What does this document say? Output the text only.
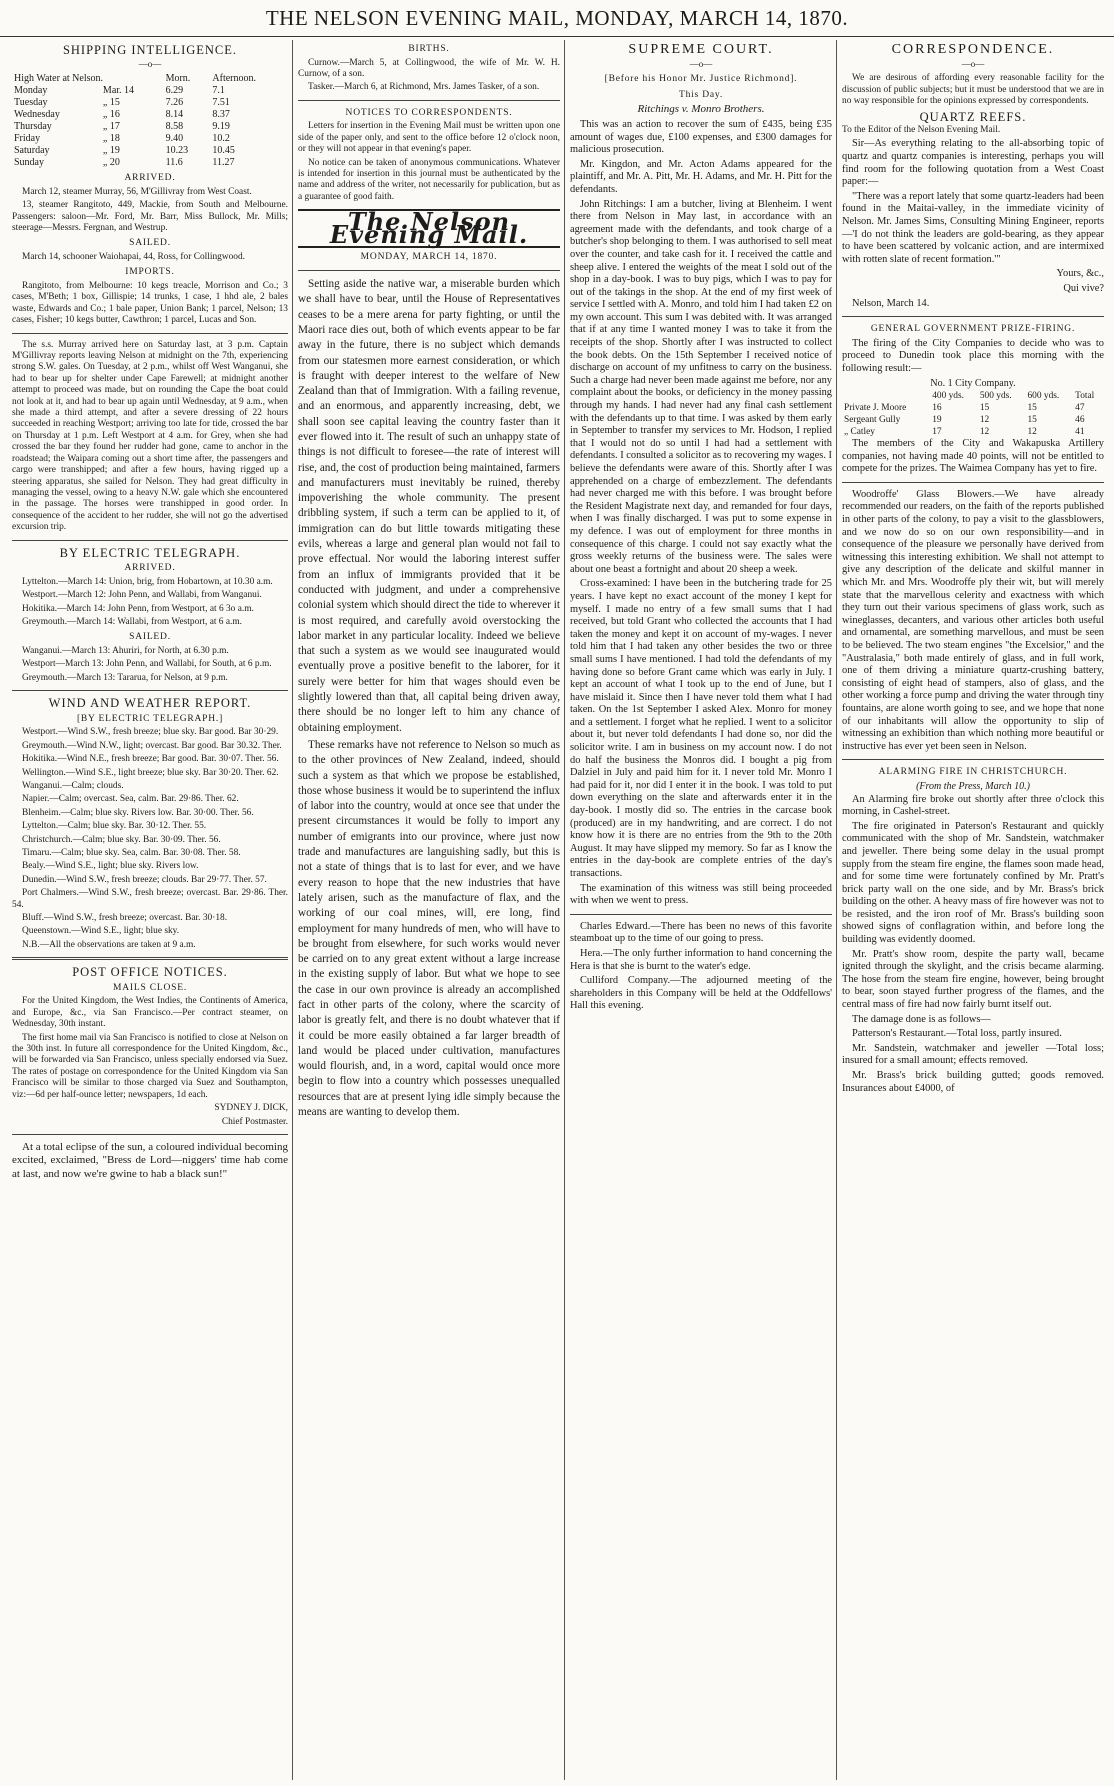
THE NELSON EVENING MAIL, MONDAY, MARCH 14, 1870.
SHIPPING INTELLIGENCE.
—o—
High Water at Nelson.		Morn.	Afternoon.
Monday	Mar. 14	6.29	7.1
Tuesday	„ 15	7.26	7.51
Wednesday	„ 16	8.14	8.37
Thursday	„ 17	8.58	9.19
Friday	„ 18	9.40	10.2
Saturday	„ 19	10.23	10.45
Sunday	„ 20	11.6	11.27
ARRIVED.

March 12, steamer Murray, 56, M'Gillivray from West Coast.

13, steamer Rangitoto, 449, Mackie, from South and Melbourne. Passengers: saloon—Mr. Ford, Mr. Barr, Miss Bullock, Mr. Mills; steerage—Messrs. Fergnan, and Westrup.

SAILED.

March 14, schooner Waiohapai, 44, Ross, for Collingwood.

IMPORTS.

Rangitoto, from Melbourne: 10 kegs treacle, Morrison and Co.; 3 cases, M'Beth; 1 box, Gillispie; 14 trunks, 1 case, 1 hhd ale, 2 bales waste, Edwards and Co.; 1 bale paper, Union Bank; 1 parcel, Nelson; 13 cases, Fisher; 10 kegs butter, Cawthron; 1 parcel, Lucas and Son.

The s.s. Murray arrived here on Saturday last, at 3 p.m. Captain M'Gillivray reports leaving Nelson at midnight on the 7th, experiencing strong S.W. gales. On Tuesday, at 2 p.m., whilst off West Wanganui, she had to bear up for shelter under Cape Farewell; at midnight another attempt to proceed was made, but on rounding the Cape the boat could not look at it, and had to bear up again until Wednesday, at 9 a.m., when she made a third attempt, and after a severe dressing of 22 hours succeeded in reaching Westport; arriving too late for tide, crossed the bar on Thursday at 1 p.m. Left Westport at 4 a.m. for Grey, when she had crossed the bar they found her rudder had gone, came to anchor in the roadstead; the Waipara coming out a short time after, the passengers and cargo were transhipped; and after a few hours, having rigged up a steering apparatus, she sailed for Nelson. They had great difficulty in managing the vessel, owing to a heavy N.W. gale which she encountered in the passage. The horses were transhipped in good order. In consequence of the accident to her rudder, she will not go the advertised excursion trip.

BY ELECTRIC TELEGRAPH.
ARRIVED.

Lyttelton.—March 14: Union, brig, from Hobartown, at 10.30 a.m.

Westport.—March 12: John Penn, and Wallabi, from Wanganui.

Hokitika.—March 14: John Penn, from Westport, at 6 3o a.m.

Greymouth.—March 14: Wallabi, from Westport, at 6 a.m.

SAILED.

Wanganui.—March 13: Ahuriri, for North, at 6.30 p.m.

Westport—March 13: John Penn, and Wallabi, for South, at 6 p.m.

Greymouth.—March 13: Tararua, for Nelson, at 9 p.m.

WIND AND WEATHER REPORT.
[BY ELECTRIC TELEGRAPH.]

Westport.—Wind S.W., fresh breeze; blue sky. Bar good. Bar 30·29.

Greymouth.—Wind N.W., light; overcast. Bar good. Bar 30.32. Ther.

Hokitika.—Wind N.E., fresh breeze; Bar good. Bar. 30·07. Ther. 56.

Wellington.—Wind S.E., light breeze; blue sky. Bar 30·20. Ther. 62.

Wanganui.—Calm; clouds.

Napier.—Calm; overcast. Sea, calm. Bar. 29·86. Ther. 62.

Blenheim.—Calm; blue sky. Rivers low. Bar. 30·00. Ther. 56.

Lyttelton.—Calm; blue sky. Bar. 30·12. Ther. 55.

Christchurch.—Calm; blue sky. Bar. 30·09. Ther. 56.

Timaru.—Calm; blue sky. Sea, calm. Bar. 30·08. Ther. 58.

Bealy.—Wind S.E., light; blue sky. Rivers low.

Dunedin.—Wind S.W., fresh breeze; clouds. Bar 29·77. Ther. 57.

Port Chalmers.—Wind S.W., fresh breeze; overcast. Bar. 29·86. Ther. 54.

Bluff.—Wind S.W., fresh breeze; overcast. Bar. 30·18.

Queenstown.—Wind S.E., light; blue sky.

N.B.—All the observations are taken at 9 a.m.

POST OFFICE NOTICES.
MAILS CLOSE.

For the United Kingdom, the West Indies, the Continents of America, and Europe, &c., via San Francisco.—Per contract steamer, on Wednesday, 30th instant.

The first home mail via San Francisco is notified to close at Nelson on the 30th inst. In future all correspondence for the United Kingdom, &c., will be forwarded via San Francisco, unless specially endorsed via Suez. The rates of postage on correspondence for the United Kingdom via San Francisco will be similar to those charged via Suez and Southampton, viz:—6d per half-ounce letter; newspapers, 1d each.

SYDNEY J. DICK,

Chief Postmaster.

At a total eclipse of the sun, a coloured individual becoming excited, exclaimed, "Bress de Lord—niggers' time hab come at last, and now we're gwine to hab a black sun!"

BIRTHS.

Curnow.—March 5, at Collingwood, the wife of Mr. W. H. Curnow, of a son.

Tasker.—March 6, at Richmond, Mrs. James Tasker, of a son.

NOTICES TO CORRESPONDENTS.

Letters for insertion in the Evening Mail must be written upon one side of the paper only, and sent to the office before 12 o'clock noon, or they will not appear in that evening's paper.

No notice can be taken of anonymous communications. Whatever is intended for insertion in this journal must be authenticated by the name and address of the writer, not necessarily for publication, but as a guarantee of good faith.

The Nelson Evening Mail.
MONDAY, MARCH 14, 1870.

Setting aside the native war, a miserable burden which we shall have to bear, until the House of Representatives ceases to be a mere arena for party fighting, or until the Maori race dies out, both of which events appear to be far away in the future, there is no subject which demands from our statesmen more earnest consideration, or which is fraught with deeper interest to the welfare of New Zealand than that of Immigration. With a failing revenue, and an enormous, and apparently increasing, debt, we shall soon see capital leaving the country faster than it ever flowed into it. The result of such an unhappy state of things is not difficult to foresee—the rate of interest will rise, and, the cost of production being maintained, farmers and manufacturers must inevitably be ruined, thereby impoverishing the whole community. The present dribbling system, if such a term can be applied to it, of immigration can do but little towards mitigating these evils, whereas a large and general plan would not fail to prove effectual. Nor would the laboring interest suffer from an influx of immigrants provided that it be conducted with judgment, and under a comprehensive colonial system which should direct the tide to wherever it is most required, and carefully avoid overstocking the labor market in any particular locality. Indeed we believe that such a system as we would see inaugurated would eventually prove a positive benefit to the laborer, for it surely were better for him that wages should even be slightly lowered than that, all capital being driven away, there should be no longer left to him any chance of obtaining employment.

These remarks have not reference to Nelson so much as to the other provinces of New Zealand, indeed, should such a system as that which we propose be established, those whose business it would be to superintend the influx of labor into the country, would at once see that under the present circumstances it would be folly to import any number of emigrants into our province, where just now trade and manufactures are languishing sadly, but this is not a state of things that is to last for ever, and we have every reason to hope that the new industries that have lately arisen, such as the manufacture of flax, and the working of our coal mines, will, ere long, find employment for many hundreds of men, who will have to be brought from elsewhere, for such works would never be carried on to any great extent without a large increase in the existing supply of labor. But what we hope to see the case in our own province is already an accomplished fact in other parts of the colony, where the scarcity of labor is greatly felt, and there is no doubt whatever that if it could be more easily obtained a far larger breadth of land would be placed under cultivation, manufactures would flourish, and, in a word, capital would once more begin to flow into a country which possesses unequalled resources that are at present lying idle simply because the means are wanting to develop them.

SUPREME COURT.
—o—
[Before his Honor Mr. Justice Richmond].
This Day.
Ritchings v. Monro Brothers.

This was an action to recover the sum of £435, being £35 amount of wages due, £100 expenses, and £300 damages for malicious prosecution.

Mr. Kingdon, and Mr. Acton Adams appeared for the plaintiff, and Mr. A. Pitt, Mr. H. Adams, and Mr. H. Pitt for the defendants.

John Ritchings: I am a butcher, living at Blenheim. I went there from Nelson in May last, in accordance with an agreement made with the defendants, and took charge of a butcher's shop belonging to them. I was authorised to sell meat over the counter, and take cash for it. I received the cattle and sheep alive. I entered the weights of the meat I sold out of the shop in a day-book. I was to buy pigs, which I was to pay for out of the takings in the shop. At the end of my first week of service I settled with A. Monro, and told him I had taken £2 on my own account. This sum I was debited with. It was arranged that if at any time I wanted money I was to take it from the receipts of the shop. Shortly after I was instructed to collect the book debts. On the 15th September I received notice of discharge on account of my unfitness to carry on the business. Such a charge had never been made against me before, nor any complaint about the books, or deficiency in the money passing through my hands. I had never had any final cash settlement with the defendants up to that time. I was asked by them early in September to transfer my services to Mr. Hodson, I replied that I would not do so until I had had a settlement with defendants. I consulted a solicitor as to recovering my wages. I believe the defendants were aware of this. Shortly after I was apprehended on a charge of embezzlement. The defendants had never charged me with this before. I was brought before the Resident Magistrate next day, and remanded for four days, when I was finally discharged. I was put to some expense in my defence. I was out of employment for three months in consequence of this charge. I could not say exactly what the gross weekly returns of the business were. The sales were about one beast a fortnight and about 20 sheep a week.

Cross-examined: I have been in the butchering trade for 25 years. I have kept no exact account of the money I kept for myself. I made no entry of a few small sums that I had received, but told Grant who collected the accounts that I had taken the money and kept it on account of my-wages. I never told him that I had taken any other besides the two or three small sums I have mentioned. I had told the defendants of my having done so before Grant came which was early in July. I kept an account of what I took up to the end of June, but I have mislaid it. Since then I have never told them what I had taken. On the 1st September I asked Alex. Monro for money and a settlement. I forget what he replied. I went to a solicitor about it, but never told defendants I had done so, nor did the solicitor write. I am in business on my account now. I do not do half the business the Monros did. I bought a pig from Dalziel in July and paid him for it. I never told Mr. Monro I had paid for it, nor did I enter it in the book. I was told to put down everything on the slate and afterwards enter it in the day-book. I mostly did so. The entries in the carcase book (produced) are in my handwriting, and are correct. I do not know how it is there are no entries from the 9th to the 20th August. It may have slipped my memory. So far as I know the entries in the day-book are complete entries of the day's transactions.

The examination of this witness was still being proceeded with when we went to press.

Charles Edward.—There has been no news of this favorite steamboat up to the time of our going to press.

Hera.—The only further information to hand concerning the Hera is that she is burnt to the water's edge.

Culliford Company.—The adjourned meeting of the shareholders in this Company will be held at the Oddfellows' Hall this evening.

CORRESPONDENCE.
—o—

We are desirous of affording every reasonable facility for the discussion of public subjects; but it must be understood that we are in no way responsible for the opinions expressed by correspondents.

QUARTZ REEFS.

To the Editor of the Nelson Evening Mail.

Sir—As everything relating to the all-absorbing topic of quartz and quartz companies is interesting, perhaps you will find room for the following quotation from a West Coast paper:—

"There was a report lately that some quartz-leaders had been found in the Maitai-valley, in the immediate vicinity of Nelson. Mr. James Sims, Consulting Mining Engineer, reports—'I do not think the leaders are gold-bearing, as they appear to have been scattered by volcanic action, and are intermixed with rotten slate of recent formation.'"

Yours, &c.,

Qui vive?

Nelson, March 14.

GENERAL GOVERNMENT PRIZE-FIRING.

The firing of the City Companies to decide who was to proceed to Dunedin took place this morning with the following result:—

No. 1 City Company.
	400 yds.	500 yds.	600 yds.	Total
Private J. Moore	16	15	15	47
Sergeant Gully	19	12	15	46
„ Catley	17	12	12	41

The members of the City and Wakapuska Artillery companies, not having made 40 points, will not be entitled to compete for the prizes. The Waimea Company has yet to fire.

Woodroffe' Glass Blowers.—We have already recommended our readers, on the faith of the reports published in other parts of the colony, to pay a visit to the glassblowers, and we now do so on our own responsibility—and in consequence of the pleasure we personally have derived from witnessing this interesting exhibition. We shall not attempt to give any description of the delicate and skilful manner in which Mr. and Mrs. Woodroffe ply their wit, but will merely state that the marvellous celerity and exactness with which they turn out their various specimens of glass work, such as wineglasses, decanters, and various other articles both useful and ornamental, are something marvellous, and must be seen to be believed. The two steam engines "the Excelsior," and the "Australasia," both made entirely of glass, and in full work, one of them driving a miniature quartz-crushing battery, consisting of eight head of stampers, also of glass, and the other working a force pump and driving the water through tiny fountains, are alone worth going to see, and we hope that none of our inhabitants will allow the opportunity to slip of witnessing an exhibition than which nothing more beautiful or instructive has ever yet been seen in Nelson.

ALARMING FIRE IN CHRISTCHURCH.
(From the Press, March 10.)

An Alarming fire broke out shortly after three o'clock this morning, in Cashel-street.

The fire originated in Paterson's Restaurant and quickly communicated with the shop of Mr. Sandstein, watchmaker and jeweller. There being some delay in the usual prompt supply from the steam fire engine, the flames soon made head, and for some time were fortunately confined by Mr. Pratt's brick party wall on the one side, and by Mr. Brass's brick building on the other. A heavy mass of fire however was not to be resisted, and the iron roof of Mr. Brass's building soon showed signs of conflagration within, and before long the building was evidently doomed.

Mr. Pratt's show room, despite the party wall, became ignited through the skylight, and the crisis became alarming. The hose from the steam fire engine, however, being brought to bear, soon stayed further progress of the flames, and the central mass of fire had now fairly burnt itself out.

The damage done is as follows—

Patterson's Restaurant.—Total loss, partly insured.

Mr. Sandstein, watchmaker and jeweller —Total loss; insured for a small amount; effects removed.

Mr. Brass's brick building gutted; goods removed. Insurances about £4000, of
